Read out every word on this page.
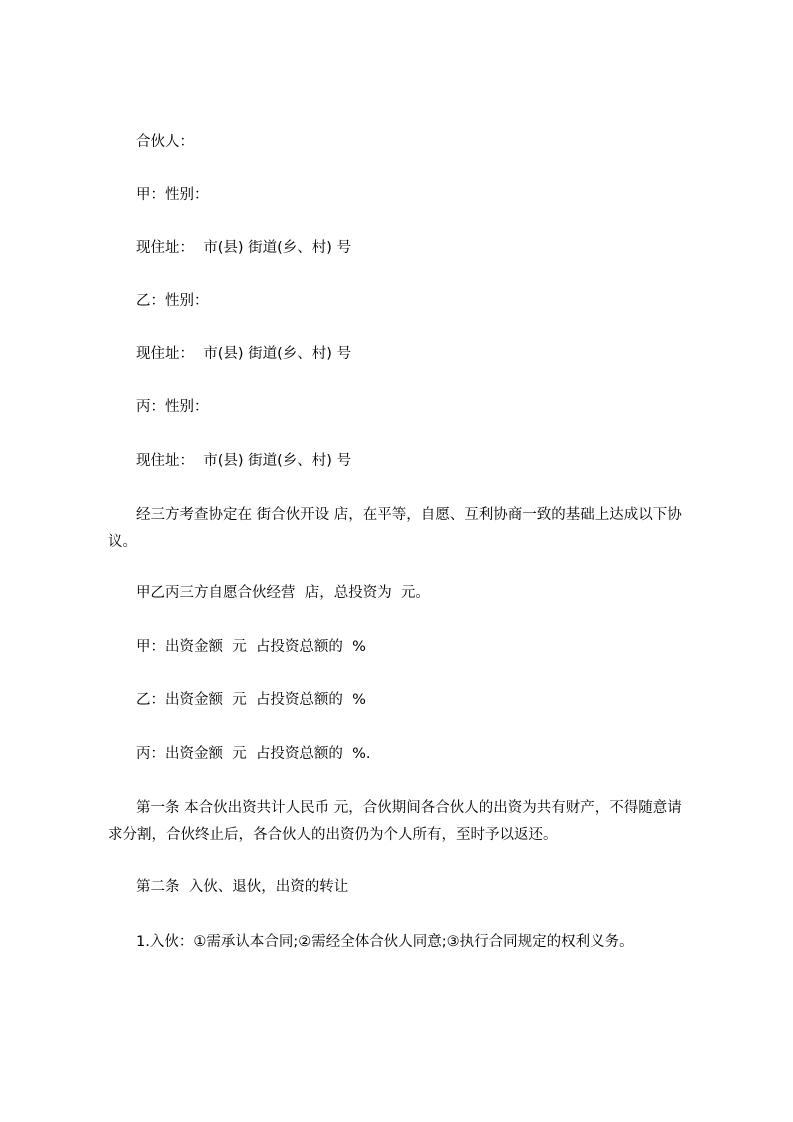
合伙人：
甲：性别：
现住址：  市(县) 街道(乡、村) 号
乙：性别：
现住址：  市(县) 街道(乡、村) 号
丙：性别：
现住址：  市(县) 街道(乡、村) 号
经三方考查协定在 街合伙开设 店，在平等，自愿、互利协商一致的基础上达成以下协议。
甲乙丙三方自愿合伙经营  店，总投资为  元。
甲：出资金额  元  占投资总额的  %
乙：出资金额  元  占投资总额的  %
丙：出资金额  元  占投资总额的  %.
第一条 本合伙出资共计人民币 元，合伙期间各合伙人的出资为共有财产，不得随意请求分割，合伙终止后，各合伙人的出资仍为个人所有，至时予以返还。
第二条  入伙、退伙，出资的转让
1.入伙：①需承认本合同;②需经全体合伙人同意;③执行合同规定的权利义务。
